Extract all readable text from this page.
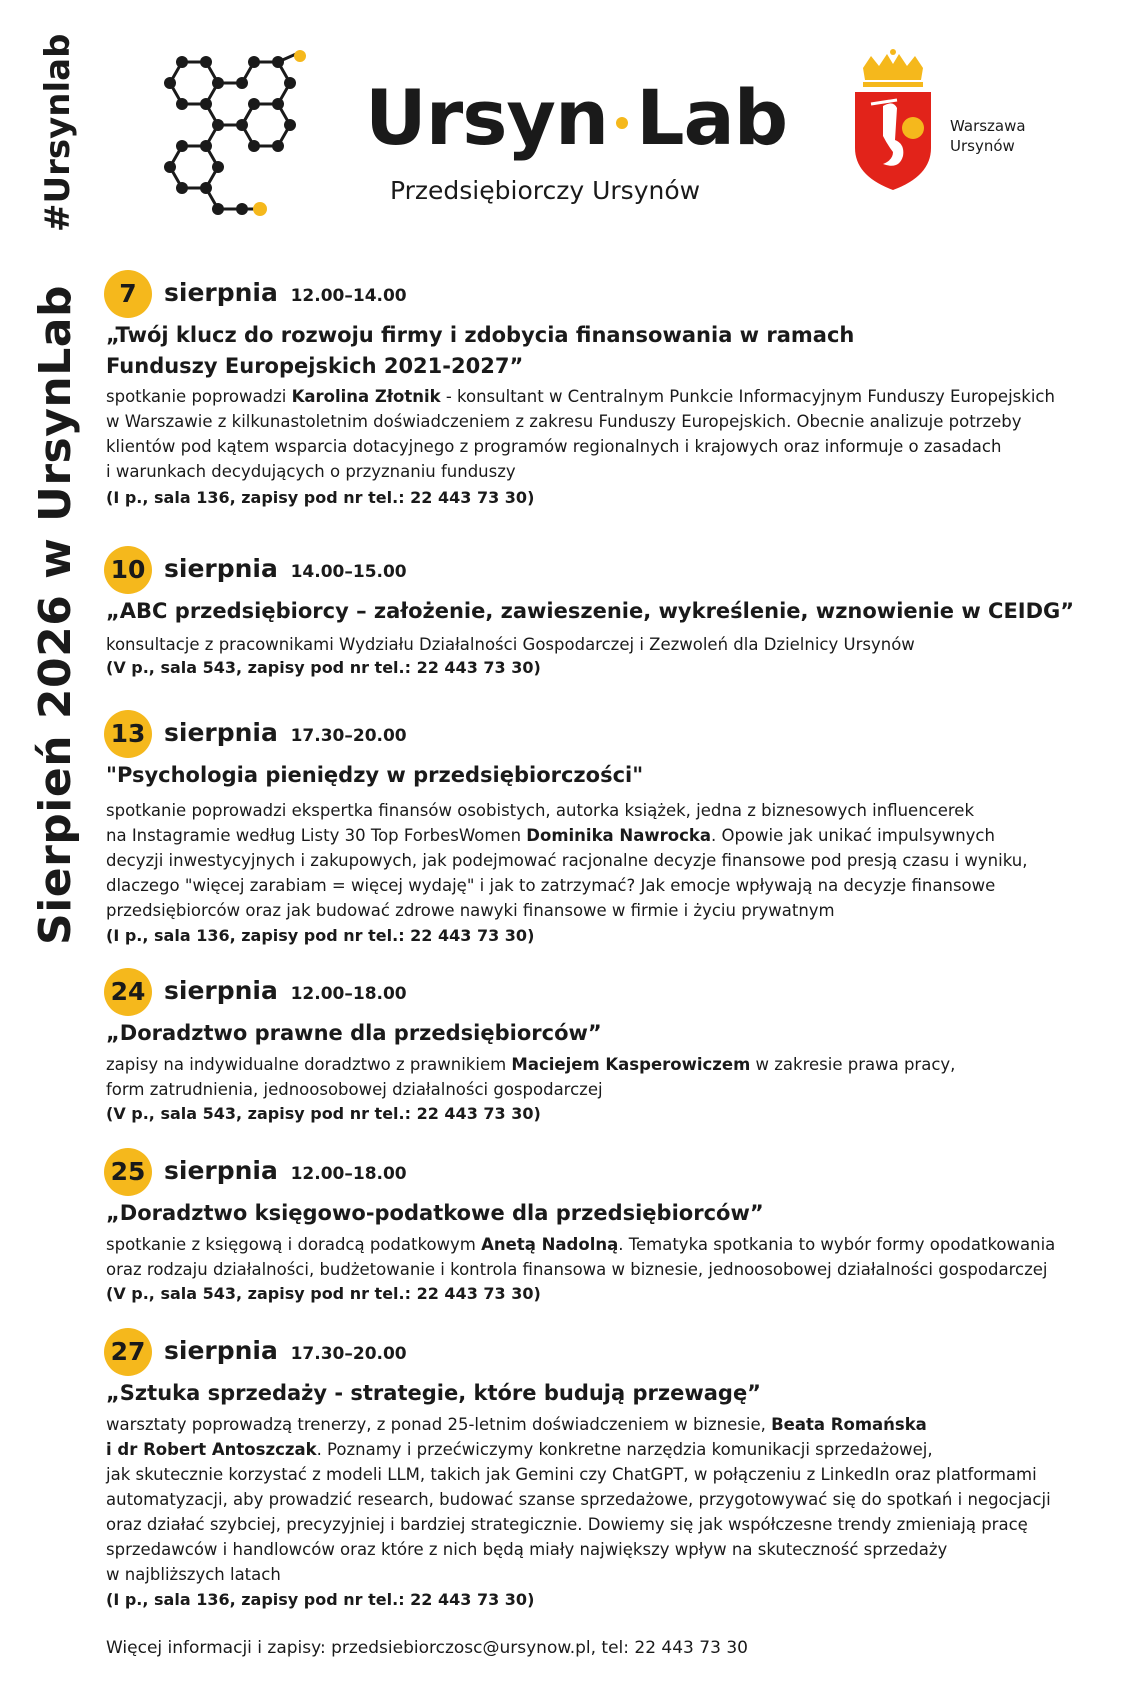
#Ursynlab
Sierpień 2026 w UrsynLab
Ursyn Lab
Przedsiębiorczy Ursynów
Warszawa
Ursynów
7	sierpnia 12.00–14.00
„Twój klucz do rozwoju firmy i zdobycia finansowania w ramach
Funduszy Europejskich 2021-2027”
spotkanie poprowadzi Karolina Złotnik - konsultant w Centralnym Punkcie Informacyjnym Funduszy Europejskich
w Warszawie z kilkunastoletnim doświadczeniem z zakresu Funduszy Europejskich. Obecnie analizuje potrzeby
klientów pod kątem wsparcia dotacyjnego z programów regionalnych i krajowych oraz informuje o zasadach
i warunkach decydujących o przyznaniu funduszy
(I p., sala 136, zapisy pod nr tel.: 22 443 73 30)
10 sierpnia 14.00–15.00
„ABC przedsiębiorcy – założenie, zawieszenie, wykreślenie, wznowienie w CEIDG”
konsultacje z pracownikami Wydziału Działalności Gospodarczej i Zezwoleń dla Dzielnicy Ursynów
(V p., sala 543, zapisy pod nr tel.: 22 443 73 30)
13 sierpnia 17.30–20.00
"Psychologia pieniędzy w przedsiębiorczości"
spotkanie poprowadzi ekspertka finansów osobistych, autorka książek, jedna z biznesowych influencerek
na Instagramie według Listy 30 Top ForbesWomen Dominika Nawrocka. Opowie jak unikać impulsywnych
decyzji inwestycyjnych i zakupowych, jak podejmować racjonalne decyzje finansowe pod presją czasu i wyniku,
dlaczego "więcej zarabiam = więcej wydaję" i jak to zatrzymać? Jak emocje wpływają na decyzje finansowe
przedsiębiorców oraz jak budować zdrowe nawyki finansowe w firmie i życiu prywatnym
(I p., sala 136, zapisy pod nr tel.: 22 443 73 30)
24 sierpnia 12.00–18.00
„Doradztwo prawne dla przedsiębiorców”
zapisy na indywidualne doradztwo z prawnikiem Maciejem Kasperowiczem w zakresie prawa pracy,
form zatrudnienia, jednoosobowej działalności gospodarczej
(V p., sala 543, zapisy pod nr tel.: 22 443 73 30)
25 sierpnia 12.00–18.00
„Doradztwo księgowo-podatkowe dla przedsiębiorców”
spotkanie z księgową i doradcą podatkowym Anetą Nadolną. Tematyka spotkania to wybór formy opodatkowania
oraz rodzaju działalności, budżetowanie i kontrola finansowa w biznesie, jednoosobowej działalności gospodarczej
(V p., sala 543, zapisy pod nr tel.: 22 443 73 30)
27 sierpnia 17.30–20.00
„Sztuka sprzedaży - strategie, które budują przewagę”
warsztaty poprowadzą trenerzy, z ponad 25-letnim doświadczeniem w biznesie, Beata Romańska
i dr Robert Antoszczak. Poznamy i przećwiczymy konkretne narzędzia komunikacji sprzedażowej,
jak skutecznie korzystać z modeli LLM, takich jak Gemini czy ChatGPT, w połączeniu z LinkedIn oraz platformami
automatyzacji, aby prowadzić research, budować szanse sprzedażowe, przygotowywać się do spotkań i negocjacji
oraz działać szybciej, precyzyjniej i bardziej strategicznie. Dowiemy się jak współczesne trendy zmieniają pracę
sprzedawców i handlowców oraz które z nich będą miały największy wpływ na skuteczność sprzedaży
w najbliższych latach
(I p., sala 136, zapisy pod nr tel.: 22 443 73 30)
Więcej informacji i zapisy: przedsiebiorczosc@ursynow.pl, tel: 22 443 73 30
